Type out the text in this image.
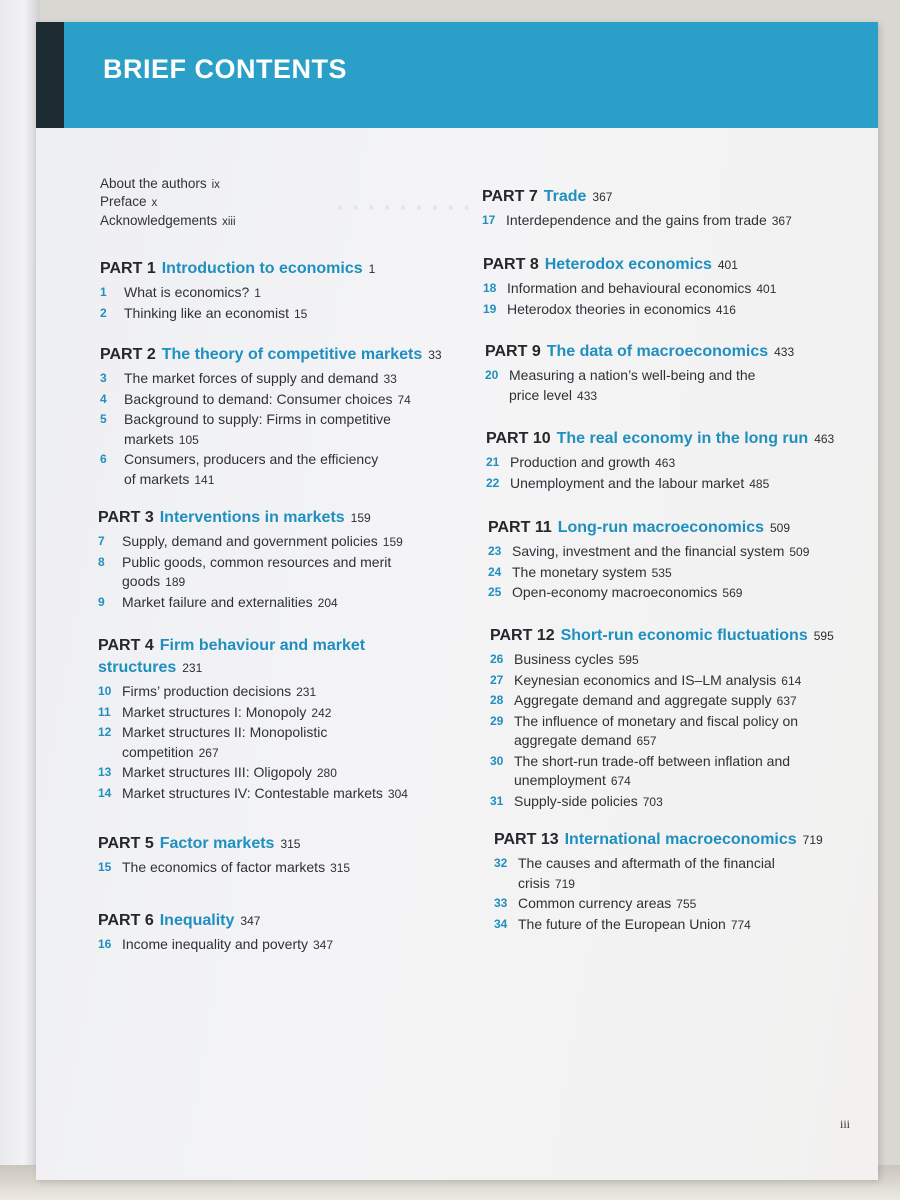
BRIEF CONTENTS
· · · · · · · · ·
About the authors ix
Preface x
Acknowledgements xiii
PART 1 Introduction to economics 1
1	What is economics? 1
2	Thinking like an economist 15
PART 2 The theory of competitive markets 33
3	The market forces of supply and demand 33
4	Background to demand: Consumer choices 74
5	Background to supply: Firms in competitive
markets 105
6	Consumers, producers and the efficiency
of markets 141
PART 3 Interventions in markets 159
7	Supply, demand and government policies 159
8	Public goods, common resources and merit
goods 189
9	Market failure and externalities 204
PART 4 Firm behaviour and market
structures 231
10 Firms’ production decisions 231
11 Market structures I: Monopoly 242
12 Market structures II: Monopolistic
competition 267
13 Market structures III: Oligopoly 280
14 Market structures IV: Contestable markets 304
PART 5 Factor markets 315
15 The economics of factor markets 315
PART 6 Inequality 347
16 Income inequality and poverty 347
PART 7 Trade 367
17 Interdependence and the gains from trade 367
PART 8 Heterodox economics 401
18 Information and behavioural economics 401
19 Heterodox theories in economics 416
PART 9 The data of macroeconomics 433
20 Measuring a nation’s well-being and the
price level 433
PART 10 The real economy in the long run 463
21 Production and growth 463
22 Unemployment and the labour market 485
PART 11 Long-run macroeconomics 509
23 Saving, investment and the financial system 509
24 The monetary system 535
25 Open-economy macroeconomics 569
PART 12 Short-run economic fluctuations 595
26 Business cycles 595
27 Keynesian economics and IS–LM analysis 614
28 Aggregate demand and aggregate supply 637
29 The influence of monetary and fiscal policy on
aggregate demand 657
30 The short-run trade-off between inflation and
unemployment 674
31 Supply-side policies 703
PART 13 International macroeconomics 719
32 The causes and aftermath of the financial
crisis 719
33 Common currency areas 755
34 The future of the European Union 774
iii
